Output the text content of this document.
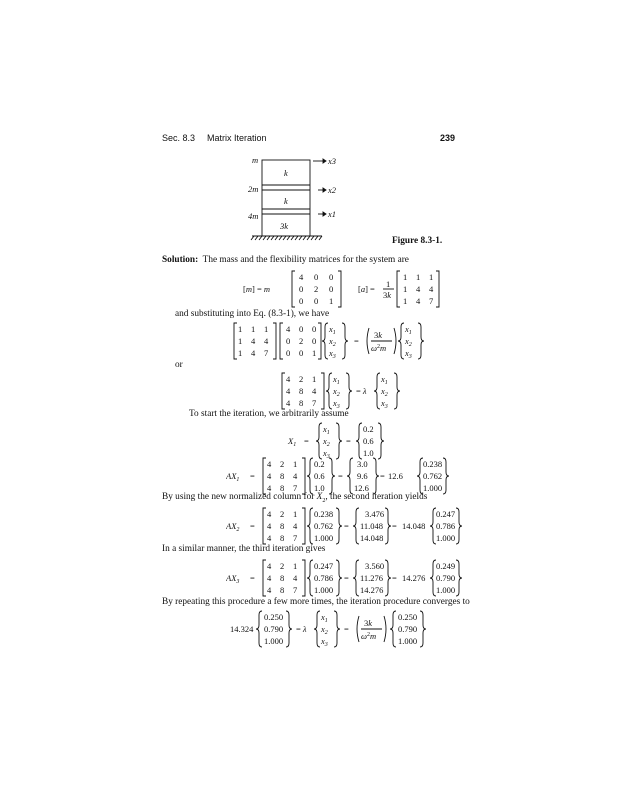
Sec. 8.3 Matrix Iteration	239
m
2m
4m
k
k
3k
x3
x2
x1
Figure 8.3-1.
Solution: The mass and the flexibility matrices for the system are
[m] = m
4 0 0
0 2 0
0 0 1
[a] = 1
3k
1 1 1
1 4 4
1 4 7
and substituting into Eq. (8.3-1), we have
1 1 1
1 4 4
1 4 7
4 0 0
0 2 0
0 0 1
$x_1$
$x_2$
$x_3$
=
3k
$\omega^2m$
$x_1$
$x_2$
$x_3$
or
4 2 1
4 8 4
4 8 7
$x_1$
$x_2$
$x_3$
= λ
$x_1$
$x_2$
$x_3$
To start the iteration, we arbitrarily assume
$X_1$ =
$x_1$
$x_2$
$x_3$
=
0.2
0.6
1.0
$AX_1$ =
4 2 1
4 8 4
4 8 7
0.2
0.6
1.0
=
3.0
9.6
12.6
= 12.6
0.238
0.762
1.000
By using the new normalized column for $X_2$, the second iteration yields
$AX_2$ =
4 2 1
4 8 4
4 8 7
0.238
0.762
1.000
=
3.476
11.048
14.048
= 14.048
0.247
0.786
1.000
In a similar manner, the third iteration gives
$AX_3$ =
4 2 1
4 8 4
4 8 7
0.247
0.786
1.000
=
3.560
11.276
14.276
= 14.276
0.249
0.790
1.000
By repeating this procedure a few more times, the iteration procedure converges to
14.324
0.250
0.790
1.000
= λ
$x_1$
$x_2$
$x_3$
=
3k
$\omega^2m$
0.250
0.790
1.000
